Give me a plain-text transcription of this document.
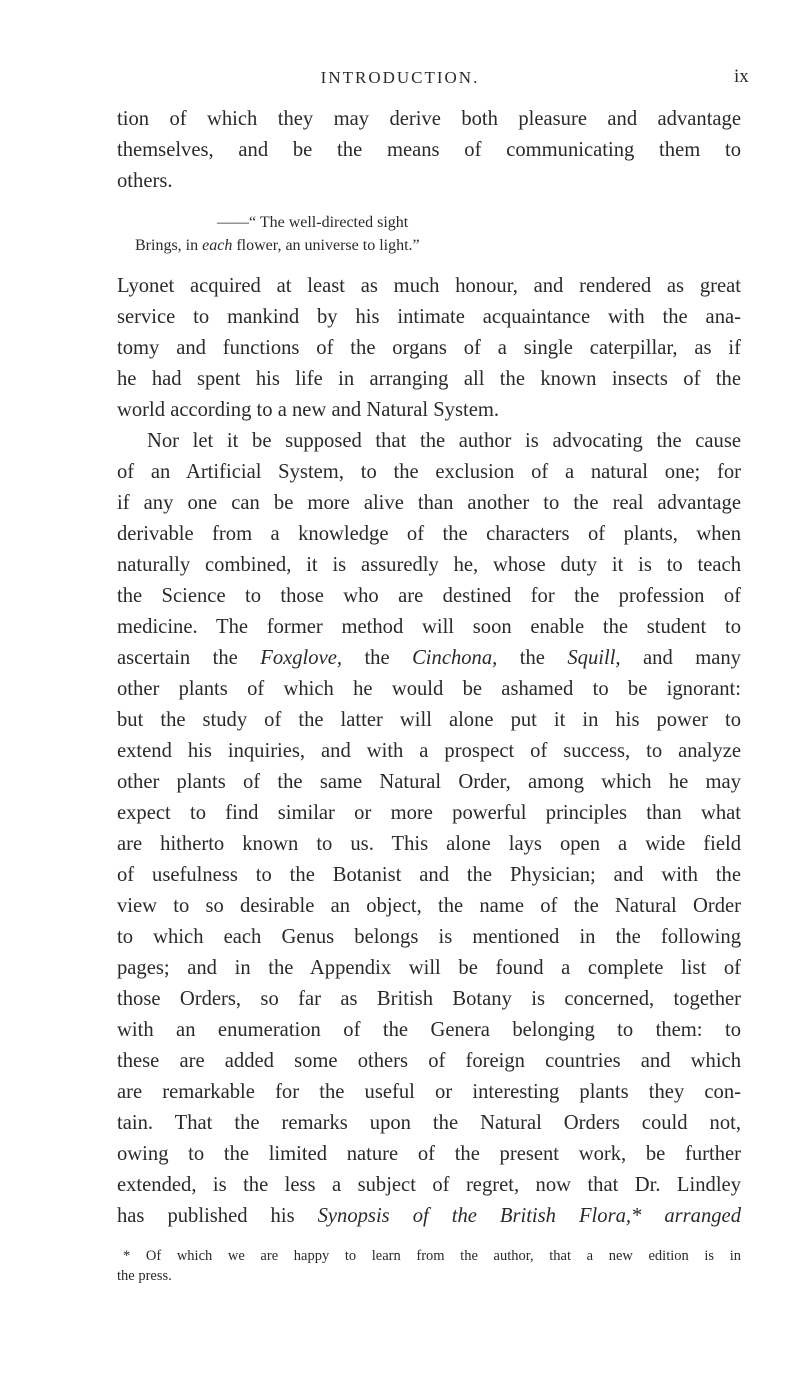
INTRODUCTION.	ix
tion of which they may derive both pleasure and advantage
themselves, and be the means of communicating them to
others.
——“ The well-directed sight
Brings, in each flower, an universe to light.”
Lyonet acquired at least as much honour, and rendered as great
service to mankind by his intimate acquaintance with the ana-
tomy and functions of the organs of a single caterpillar, as if
he had spent his life in arranging all the known insects of the
world according to a new and Natural System.
Nor let it be supposed that the author is advocating the cause
of an Artificial System, to the exclusion of a natural one; for
if any one can be more alive than another to the real advantage
derivable from a knowledge of the characters of plants, when
naturally combined, it is assuredly he, whose duty it is to teach
the Science to those who are destined for the profession of
medicine. The former method will soon enable the student to
ascertain the Foxglove, the Cinchona, the Squill, and many
other plants of which he would be ashamed to be ignorant:
but the study of the latter will alone put it in his power to
extend his inquiries, and with a prospect of success, to analyze
other plants of the same Natural Order, among which he may
expect to find similar or more powerful principles than what
are hitherto known to us. This alone lays open a wide field
of usefulness to the Botanist and the Physician; and with the
view to so desirable an object, the name of the Natural Order
to which each Genus belongs is mentioned in the following
pages; and in the Appendix will be found a complete list of
those Orders, so far as British Botany is concerned, together
with an enumeration of the Genera belonging to them: to
these are added some others of foreign countries and which
are remarkable for the useful or interesting plants they con-
tain. That the remarks upon the Natural Orders could not,
owing to the limited nature of the present work, be further
extended, is the less a subject of regret, now that Dr. Lindley
has published his Synopsis of the British Flora,* arranged
* Of which we are happy to learn from the author, that a new edition is in
the press.
